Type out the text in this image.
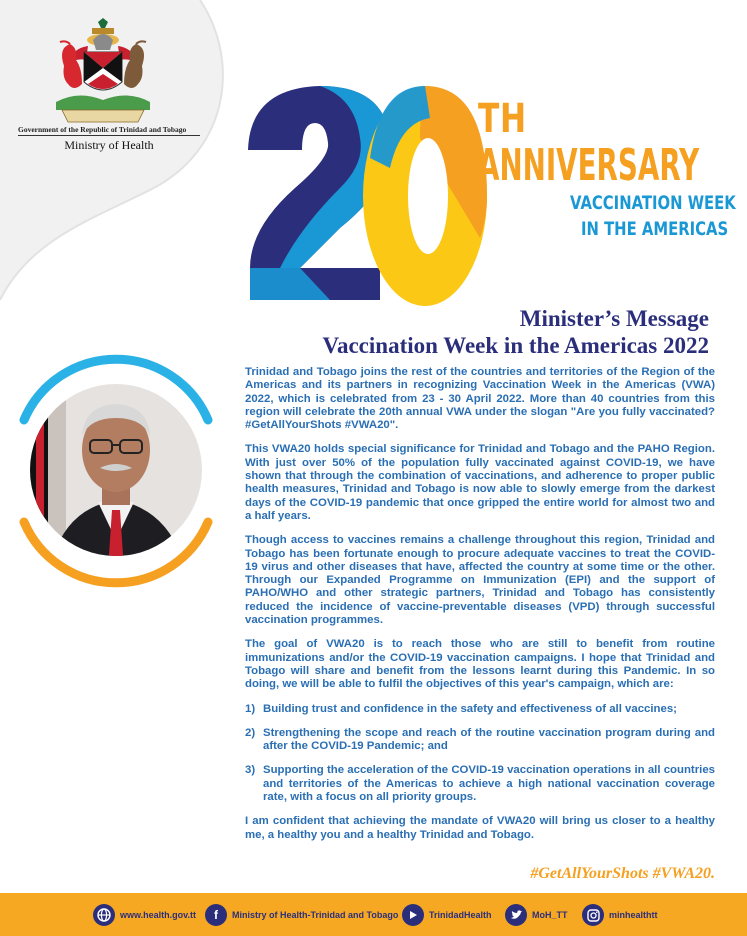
Government of the Republic of Trinidad and Tobago
Ministry of Health
TH
ANNIVERSARY
VACCINATION WEEK
IN THE AMERICAS
Minister’s Message
Vaccination Week in the Americas 2022

Trinidad and Tobago joins the rest of the countries and territories of the Region of the Americas and its partners in recognizing Vaccination Week in the Americas (VWA) 2022, which is celebrated from 23 - 30 April 2022. More than 40 countries from this region will celebrate the 20th annual VWA under the slogan "Are you fully vaccinated? #GetAllYourShots #VWA20".

This VWA20 holds special significance for Trinidad and Tobago and the PAHO Region. With just over 50% of the population fully vaccinated against COVID-19, we have shown that through the combination of vaccinations, and adherence to proper public health measures, Trinidad and Tobago is now able to slowly emerge from the darkest days of the COVID-19 pandemic that once gripped the entire world for almost two and a half years.

Though access to vaccines remains a challenge throughout this region, Trinidad and Tobago has been fortunate enough to procure adequate vaccines to treat the COVID-19 virus and other diseases that have, affected the country at some time or the other. Through our Expanded Programme on Immunization (EPI) and the support of PAHO/WHO and other strategic partners, Trinidad and Tobago has consistently reduced the incidence of vaccine-preventable diseases (VPD) through successful vaccination programmes.

The goal of VWA20 is to reach those who are still to benefit from routine immunizations and/or the COVID-19 vaccination campaigns. I hope that Trinidad and Tobago will share and benefit from the lessons learnt during this Pandemic. In so doing, we will be able to fulfil the objectives of this year's campaign, which are:

1) Building trust and confidence in the safety and effectiveness of all vaccines;
2) Strengthening the scope and reach of the routine vaccination program during and after the COVID-19 Pandemic; and
3) Supporting the acceleration of the COVID-19 vaccination operations in all countries and territories of the Americas to achieve a high national vaccination coverage rate, with a focus on all priority groups.

I am confident that achieving the mandate of VWA20 will bring us closer to a healthy me, a healthy you and a healthy Trinidad and Tobago.

#GetAllYourShots #VWA20.
www.health.gov.tt	f	Ministry of Health-Trinidad and Tobago	TrinidadHealth	MoH_TT	minhealthtt
